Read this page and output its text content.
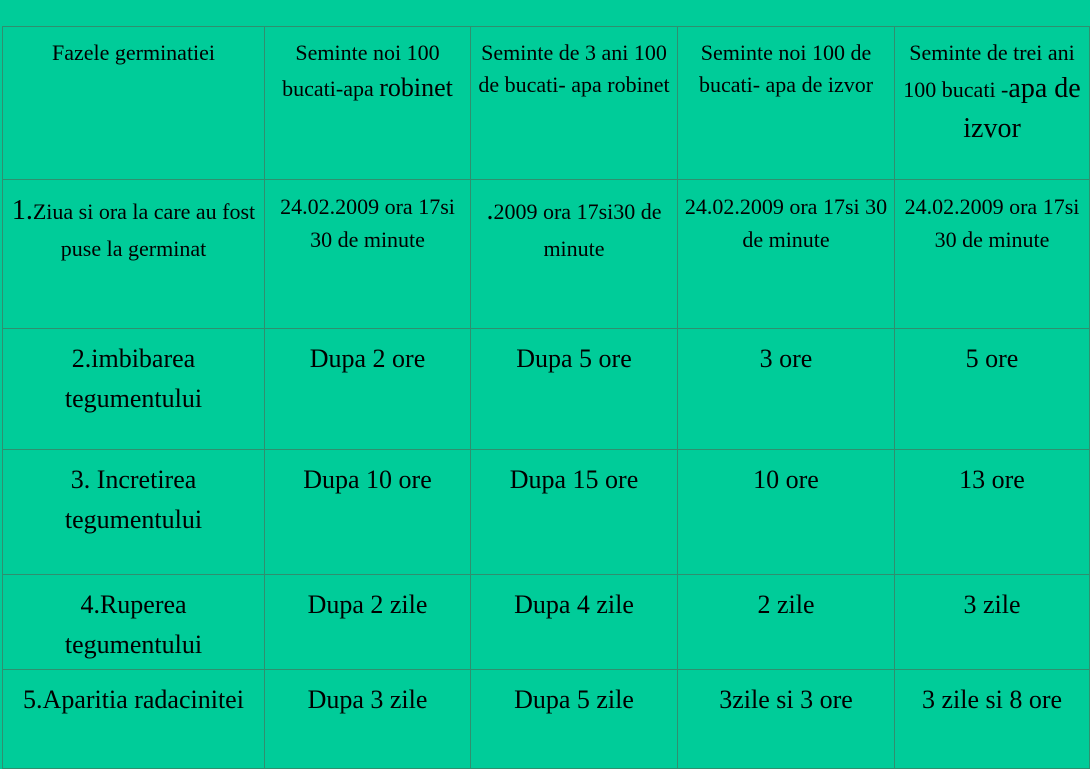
Fazele germinatiei	Seminte noi 100 bucati-apa robinet	Seminte de 3 ani 100 de bucati- apa robinet	Seminte noi 100 de bucati- apa de izvor	Seminte de trei ani 100 bucati -apa de izvor
1.Ziua si ora la care au fost puse la germinat	24.02.2009 ora 17si 30 de minute	.2009 ora 17si30 de minute	24.02.2009 ora 17si 30 de minute	24.02.2009 ora 17si 30 de minute
2.imbibarea tegumentului	Dupa 2 ore	Dupa 5 ore	3 ore	5 ore
3. Incretirea tegumentului	Dupa 10 ore	Dupa 15 ore	10 ore	13 ore
4.Ruperea tegumentului	Dupa 2 zile	Dupa 4 zile	2 zile	3 zile
5.Aparitia radacinitei	Dupa 3 zile	Dupa 5 zile	3zile si 3 ore	3 zile si 8 ore
